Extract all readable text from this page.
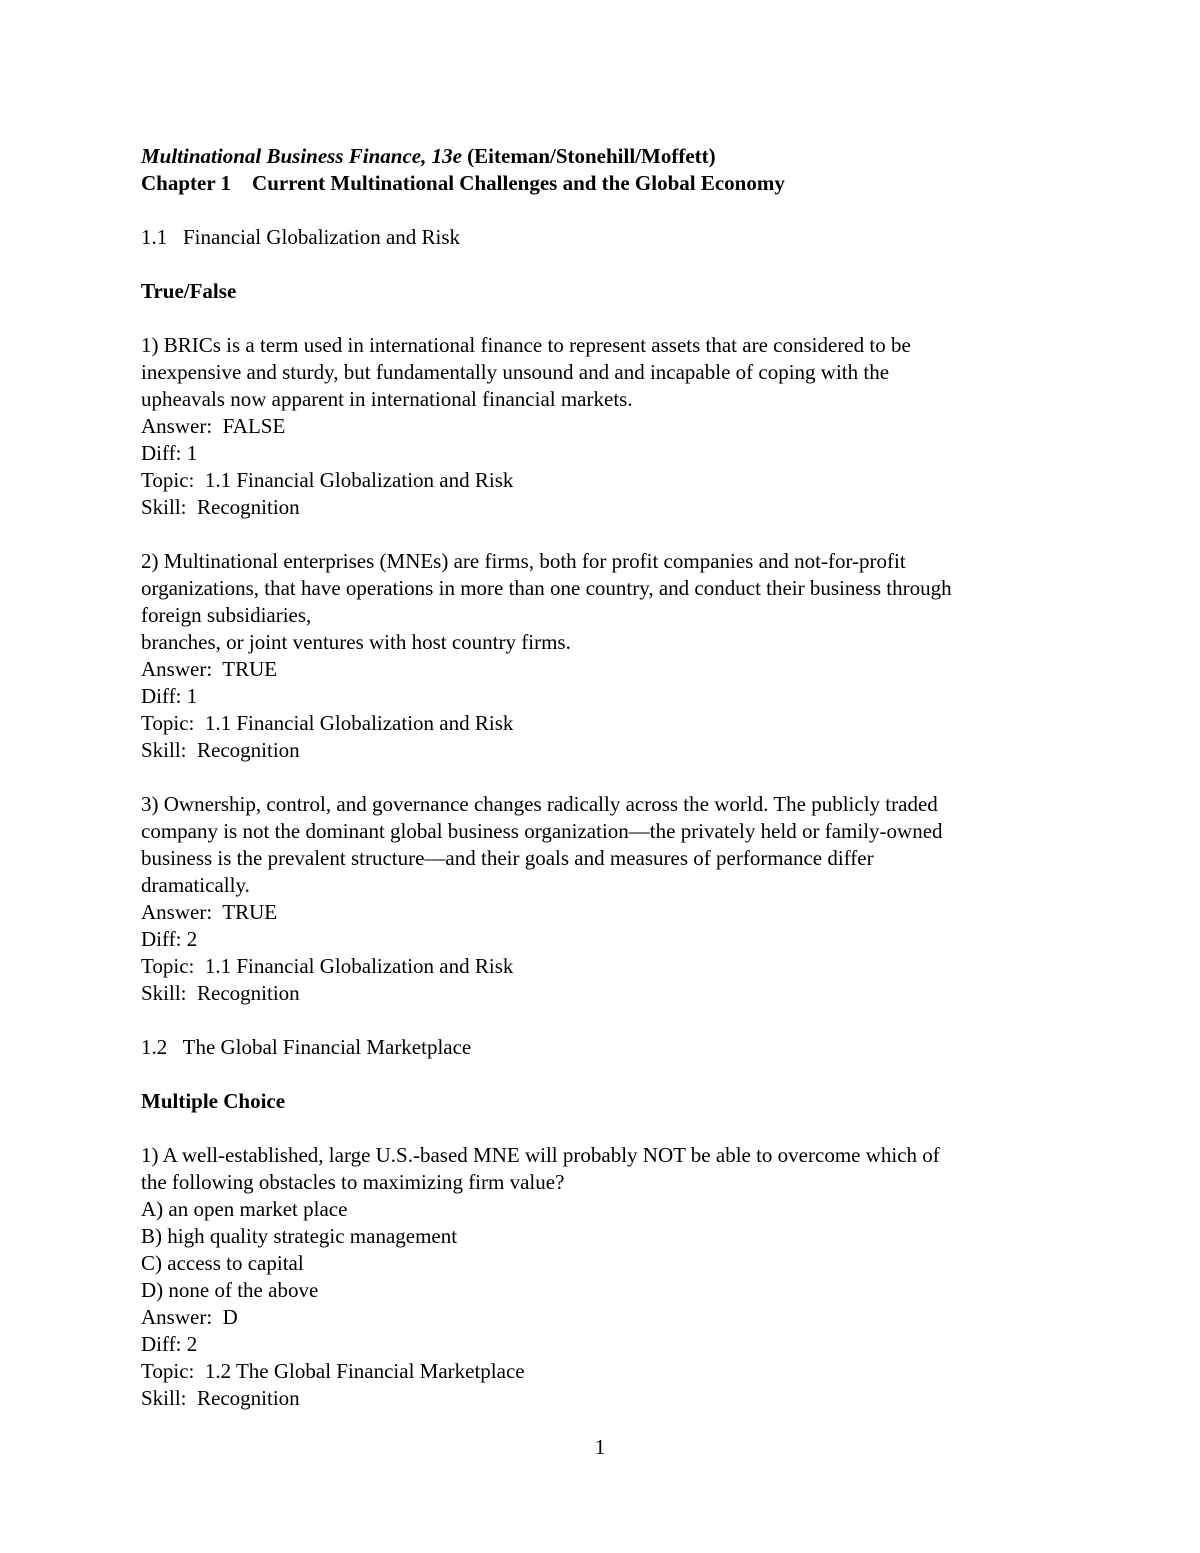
Multinational Business Finance, 13e (Eiteman/Stonehill/Moffett)
Chapter 1    Current Multinational Challenges and the Global Economy
1.1   Financial Globalization and Risk
True/False
1) BRICs is a term used in international finance to represent assets that are considered to be
inexpensive and sturdy, but fundamentally unsound and and incapable of coping with the
upheavals now apparent in international financial markets.
Answer:  FALSE
Diff: 1
Topic:  1.1 Financial Globalization and Risk
Skill:  Recognition
2) Multinational enterprises (MNEs) are firms, both for profit companies and not-for-profit
organizations, that have operations in more than one country, and conduct their business through
foreign subsidiaries,
branches, or joint ventures with host country firms.
Answer:  TRUE
Diff: 1
Topic:  1.1 Financial Globalization and Risk
Skill:  Recognition
3) Ownership, control, and governance changes radically across the world. The publicly traded
company is not the dominant global business organization—the privately held or family-owned
business is the prevalent structure—and their goals and measures of performance differ
dramatically.
Answer:  TRUE
Diff: 2
Topic:  1.1 Financial Globalization and Risk
Skill:  Recognition
1.2   The Global Financial Marketplace
Multiple Choice
1) A well-established, large U.S.-based MNE will probably NOT be able to overcome which of
the following obstacles to maximizing firm value?
A) an open market place
B) high quality strategic management
C) access to capital
D) none of the above
Answer:  D
Diff: 2
Topic:  1.2 The Global Financial Marketplace
Skill:  Recognition
1
